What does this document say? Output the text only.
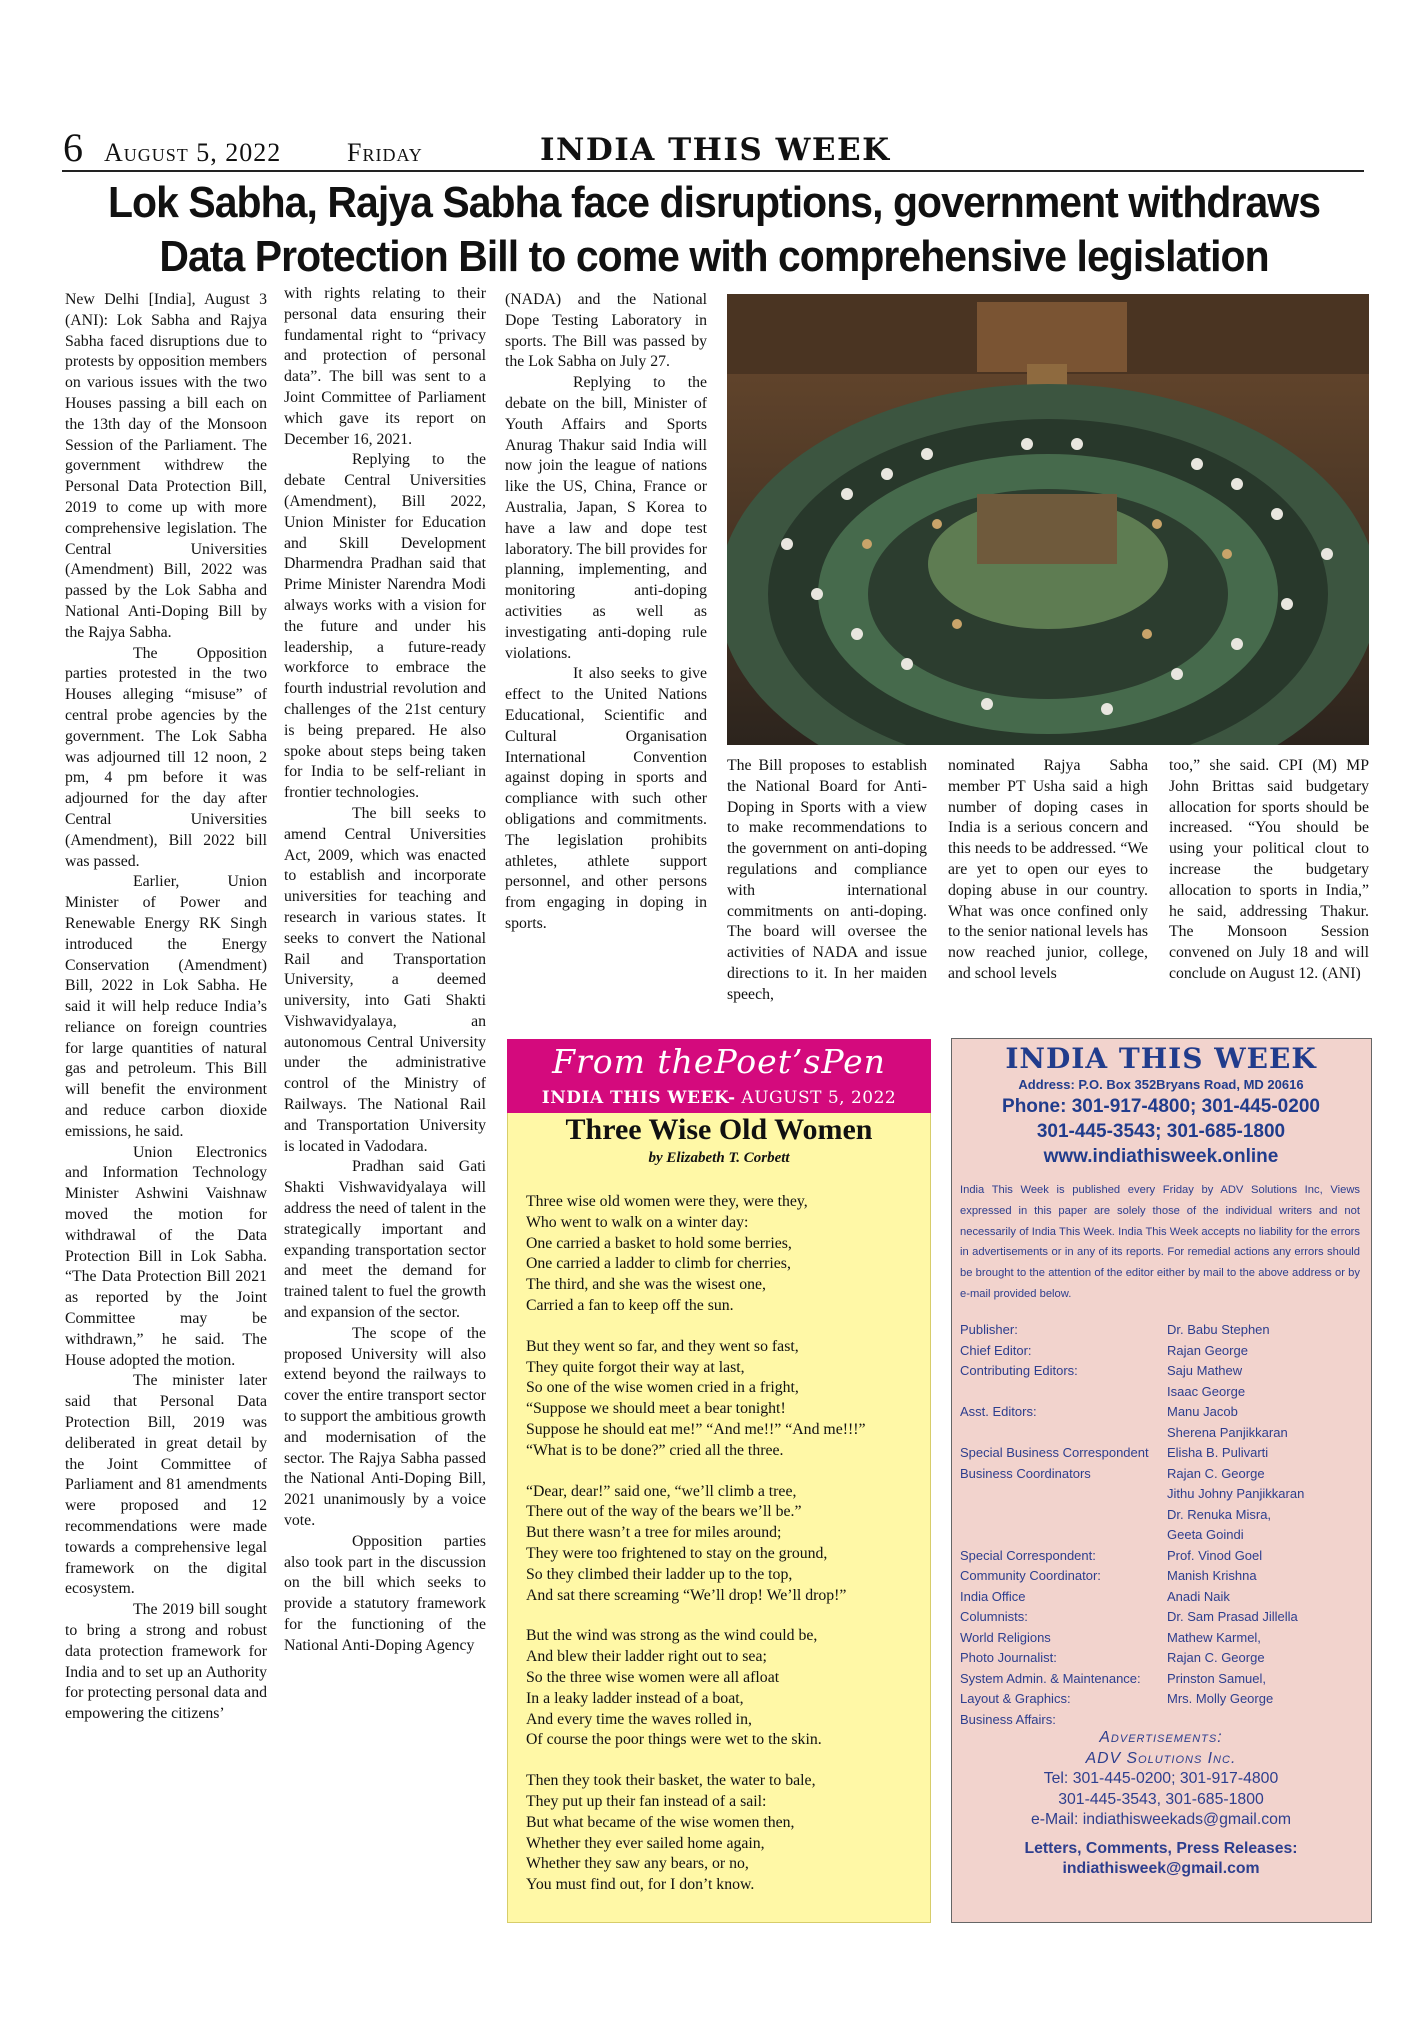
6 August 5, 2022	Friday	INDIA THIS WEEK
Lok Sabha, Rajya Sabha face disruptions, government withdraws
Data Protection Bill to come with comprehensive legislation

New Delhi [India], August 3 (ANI): Lok Sabha and Rajya Sabha faced disruptions due to protests by opposition members on various issues with the two Houses passing a bill each on the 13th day of the Monsoon Session of the Parliament. The government withdrew the Personal Data Protection Bill, 2019 to come up with more comprehensive legislation. The Central Universities (Amendment) Bill, 2022 was passed by the Lok Sabha and National Anti-Doping Bill by the Rajya Sabha.

The Opposition parties protested in the two Houses alleging “misuse” of central probe agencies by the government. The Lok Sabha was adjourned till 12 noon, 2 pm, 4 pm before it was adjourned for the day after Central Universities (Amendment), Bill 2022 bill was passed.

Earlier, Union Minister of Power and Renewable Energy RK Singh introduced the Energy Conservation (Amendment) Bill, 2022 in Lok Sabha. He said it will help reduce India’s reliance on foreign countries for large quantities of natural gas and petroleum. This Bill will benefit the environment and reduce carbon dioxide emissions, he said.

Union Electronics and Information Technology Minister Ashwini Vaishnaw moved the motion for withdrawal of the Data Protection Bill in Lok Sabha. “The Data Protection Bill 2021 as reported by the Joint Committee may be withdrawn,” he said. The House adopted the motion.

The minister later said that Personal Data Protection Bill, 2019 was deliberated in great detail by the Joint Committee of Parliament and 81 amendments were proposed and 12 recommendations were made towards a comprehensive legal framework on the digital ecosystem.

The 2019 bill sought to bring a strong and robust data protection framework for India and to set up an Authority for protecting personal data and empowering the citizens’

with rights relating to their personal data ensuring their fundamental right to “privacy and protection of personal data”. The bill was sent to a Joint Committee of Parliament which gave its report on December 16, 2021.

Replying to the debate Central Universities (Amendment), Bill 2022, Union Minister for Education and Skill Development Dharmendra Pradhan said that Prime Minister Narendra Modi always works with a vision for the future and under his leadership, a future-ready workforce to embrace the fourth industrial revolution and challenges of the 21st century is being prepared. He also spoke about steps being taken for India to be self-reliant in frontier technologies.

The bill seeks to amend Central Universities Act, 2009, which was enacted to establish and incorporate universities for teaching and research in various states. It seeks to convert the National Rail and Transportation University, a deemed university, into Gati Shakti Vishwavidyalaya, an autonomous Central University under the administrative control of the Ministry of Railways. The National Rail and Transportation University is located in Vadodara.

Pradhan said Gati Shakti Vishwavidyalaya will address the need of talent in the strategically important and expanding transportation sector and meet the demand for trained talent to fuel the growth and expansion of the sector.

The scope of the proposed University will also extend beyond the railways to cover the entire transport sector to support the ambitious growth and modernisation of the sector. The Rajya Sabha passed the National Anti-Doping Bill, 2021 unanimously by a voice vote.

Opposition parties also took part in the discussion on the bill which seeks to provide a statutory framework for the functioning of the National Anti-Doping Agency

(NADA) and the National Dope Testing Laboratory in sports. The Bill was passed by the Lok Sabha on July 27.

Replying to the debate on the bill, Minister of Youth Affairs and Sports Anurag Thakur said India will now join the league of nations like the US, China, France or Australia, Japan, S Korea to have a law and dope test laboratory. The bill provides for planning, implementing, and monitoring anti-doping activities as well as investigating anti-doping rule violations.

It also seeks to give effect to the United Nations Educational, Scientific and Cultural Organisation International Convention against doping in sports and compliance with such other obligations and commitments. The legislation prohibits athletes, athlete support personnel, and other persons from engaging in doping in sports.

The Bill proposes to establish the National Board for Anti-Doping in Sports with a view to make recommendations to the government on anti-doping regulations and compliance with international commitments on anti-doping. The board will oversee the activities of NADA and issue directions to it. In her maiden speech,

nominated Rajya Sabha member PT Usha said a high number of doping cases in India is a serious concern and this needs to be addressed. “We are yet to open our eyes to doping abuse in our country. What was once confined only to the senior national levels has now reached junior, college, and school levels

too,” she said. CPI (M) MP John Brittas said budgetary allocation for sports should be increased. “You should be using your political clout to increase the budgetary allocation to sports in India,” he said, addressing Thakur. The Monsoon Session convened on July 18 and will conclude on August 12. (ANI)

From thePoet’sPen
INDIA THIS WEEK- AUGUST 5, 2022
Three Wise Old Women
by Elizabeth T. Corbett
Three wise old women were they, were they,
Who went to walk on a winter day:
One carried a basket to hold some berries,
One carried a ladder to climb for cherries,
The third, and she was the wisest one,
Carried a fan to keep off the sun.
But they went so far, and they went so fast,
They quite forgot their way at last,
So one of the wise women cried in a fright,
“Suppose we should meet a bear tonight!
Suppose he should eat me!” “And me!!” “And me!!!”
“What is to be done?” cried all the three.
“Dear, dear!” said one, “we’ll climb a tree,
There out of the way of the bears we’ll be.”
But there wasn’t a tree for miles around;
They were too frightened to stay on the ground,
So they climbed their ladder up to the top,
And sat there screaming “We’ll drop! We’ll drop!”
But the wind was strong as the wind could be,
And blew their ladder right out to sea;
So the three wise women were all afloat
In a leaky ladder instead of a boat,
And every time the waves rolled in,
Of course the poor things were wet to the skin.
Then they took their basket, the water to bale,
They put up their fan instead of a sail:
But what became of the wise women then,
Whether they ever sailed home again,
Whether they saw any bears, or no,
You must find out, for I don’t know.
INDIA THIS WEEK
Address: P.O. Box 352Bryans Road, MD 20616
Phone: 301-917-4800; 301-445-0200
301-445-3543; 301-685-1800
www.indiathisweek.online
India This Week is published every Friday by ADV Solutions Inc, Views expressed in this paper are solely those of the individual writers and not necessarily of India This Week. India This Week accepts no liability for the errors in advertisements or in any of its reports. For remedial actions any errors should be brought to the attention of the editor either by mail to the above address or by e-mail provided below.
Publisher:
Chief Editor:
Contributing Editors:
Asst. Editors:
Special Business Correspondent
Business Coordinators
Special Correspondent:
Community Coordinator:
India Office
Columnists:
World Religions
Photo Journalist:
System Admin. & Maintenance:
Layout & Graphics:
Business Affairs:
Dr. Babu Stephen
Rajan George
Saju Mathew
Isaac George
Manu Jacob
Sherena Panjikkaran
Elisha B. Pulivarti
Rajan C. George
Jithu Johny Panjikkaran
Dr. Renuka Misra,
Geeta Goindi
Prof. Vinod Goel
Manish Krishna
Anadi Naik
Dr. Sam Prasad Jillella
Mathew Karmel,
Rajan C. George
Prinston Samuel,
Mrs. Molly George
Advertisements:
ADV Solutions Inc.
Tel: 301-445-0200; 301-917-4800
301-445-3543, 301-685-1800
e-Mail: indiathisweekads@gmail.com
Letters, Comments, Press Releases:
indiathisweek@gmail.com
